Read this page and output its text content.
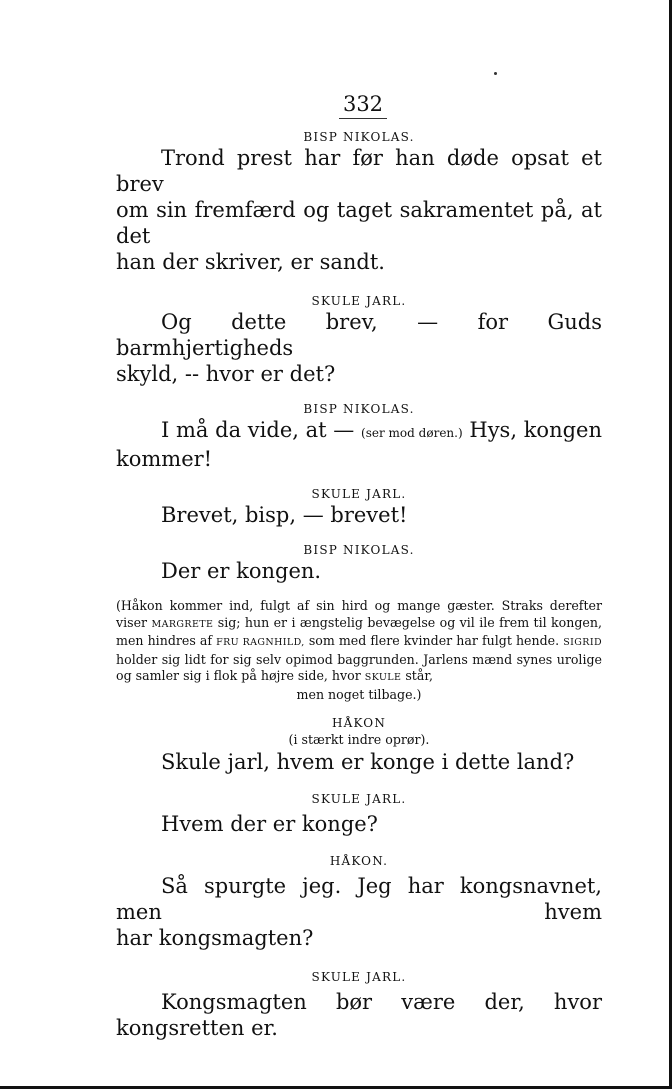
332

BISP NIKOLAS.

Trond prest har før han døde opsat et brev

om sin fremfærd og taget sakramentet på, at det

han der skriver, er sandt.

SKULE JARL.

Og dette brev, — for Guds barmhjertigheds

skyld, -- hvor er det?

BISP NIKOLAS.

I må da vide, at — (ser mod døren.) Hys, kongen

kommer!

SKULE JARL.

Brevet, bisp, — brevet!

BISP NIKOLAS.

Der er kongen.

(Håkon kommer ind, fulgt af sin hird og mange gæster. Straks derefter viser MARGRETE sig; hun er i ængstelig bevægelse og vil ile frem til kongen, men hindres af FRU RAGNHILD, som med flere kvinder har fulgt hende. SIGRID holder sig lidt for sig selv opimod baggrunden. Jarlens mænd synes urolige og samler sig i flok på højre side, hvor SKULE står,
men noget tilbage.)

HÅKON

(i stærkt indre oprør).

Skule jarl, hvem er konge i dette land?

SKULE JARL.

Hvem der er konge?

HÅKON.

Så spurgte jeg. Jeg har kongsnavnet, men hvem

har kongsmagten?

SKULE JARL.

Kongsmagten bør være der, hvor kongsretten er.
